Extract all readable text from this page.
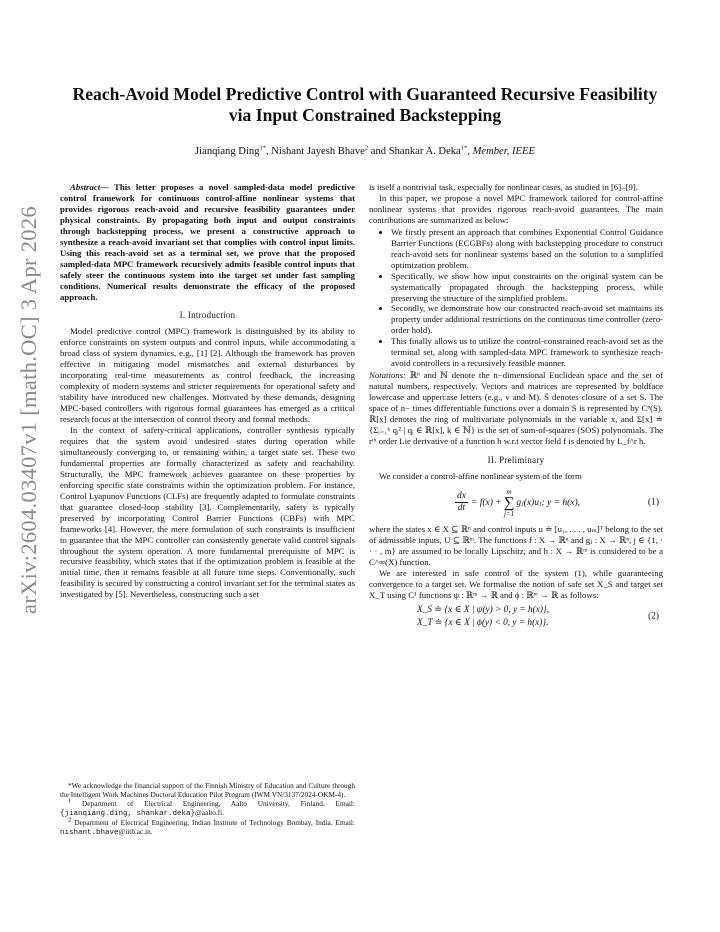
arXiv:2604.03407v1 [math.OC] 3 Apr 2026
Reach-Avoid Model Predictive Control with Guaranteed Recursive Feasibility via Input Constrained Backstepping
Jianqiang Ding$^{1*}$, Nishant Jayesh Bhave$^2$ and Shankar A. Deka$^{1*}$, Member, IEEE

Abstract— This letter proposes a novel sampled-data model predictive control framework for continuous control-affine nonlinear systems that provides rigorous reach-avoid and recursive feasibility guarantees under physical constraints. By propagating both input and output constraints through backstepping process, we present a constructive approach to synthesize a reach-avoid invariant set that complies with control input limits. Using this reach-avoid set as a terminal set, we prove that the proposed sampled-data MPC framework recursively admits feasible control inputs that safely steer the continuous system into the target set under fast sampling conditions. Numerical results demonstrate the efficacy of the proposed approach.

I. Introduction

Model predictive control (MPC) framework is distinguished by its ability to enforce constraints on system outputs and control inputs, while accommodating a broad class of system dynamics, e.g., [1] [2]. Although the framework has proven effective in mitigating model mismatches and external disturbances by incorporating real-time measurements as control feedback, the increasing complexity of modern systems and stricter requirements for operational safety and stability have introduced new challenges. Motivated by these demands, designing MPC-based controllers with rigorous formal guarantees has emerged as a critical research focus at the intersection of control theory and formal methods.

In the context of safety-critical applications, controller synthesis typically requires that the system avoid undesired states during operation while simultaneously converging to, or remaining within, a target state set. These two fundamental properties are formally characterized as safety and reachability. Structurally, the MPC framework achieves guarantee on these properties by enforcing specific state constraints within the optimization problem. For instance, Control Lyapunov Functions (CLFs) are frequently adapted to formulate constraints that guarantee closed-loop stability [3]. Complementarily, safety is typically preserved by incorporating Control Barrier Functions (CBFs) with MPC frameworks [4]. However, the mere formulation of such constraints is insufficient to guarantee that the MPC controller can consistently generate valid control signals throughout the system operation. A more fundamental prerequisite of MPC is recursive feasibility, which states that if the optimization problem is feasible at the initial time, then it remains feasible at all future time steps. Conventionally, such feasibility is secured by constructing a control invariant set for the terminal states as investigated by [5]. Nevertheless, constructing such a set

is itself a nontrivial task, especially for nonlinear cases, as studied in [6]–[9].

In this paper, we propose a novel MPC framework tailored for control-affine nonlinear systems that provides rigorous reach-avoid guarantees. The main contributions are summarized as below:

• We firstly present an approach that combines Exponential Control Guidance Barrier Functions (ECGBFs) along with backstepping procedure to construct reach-avoid sets for nonlinear systems based on the solution to a simplified optimization problem.
• Specifically, we show how input constraints on the original system can be systematically propagated through the backstepping process, while preserving the structure of the simplified problem.
• Secondly, we demonstrate how our constructed reach-avoid set maintains its property under additional restrictions on the continuous time controller (zero-order hold).
• This finally allows us to utilize the control-constrained reach-avoid set as the terminal set, along with sampled-data MPC framework to synthesize reach-avoid controllers in a recursively feasible manner.

Notations: ℝⁿ and ℕ denote the n−dimensional Euclidean space and the set of natural numbers, respectively. Vectors and matrices are represented by boldface lowercase and uppercase letters (e.g., v and M). S̄ denotes closure of a set S. The space of n− times differentiable functions over a domain S is represented by Cⁿ(S). ℝ[x] denotes the ring of multivariate polynomials in the variable x, and Σ[x] ≐ {Σᵢ₌₁ᵏ qᵢ² | qᵢ ∈ ℝ[x], k ∈ ℕ} is the set of sum-of-squares (SOS) polynomials. The rᵗʰ order Lie derivative of a function h w.r.t vector field f is denoted by L_f^r h.

II. Preliminary

We consider a control-affine nonlinear system of the form

$\frac{dx}{dt} = f(x) +m$
∑
j=1gⱼ(x)uⱼ; y = h(x),	(1)

where the states x ∈ X ⊆ ℝⁿ and control inputs u ≐ [u₁, . . . , uₘ]ᵀ belong to the set of admissible inputs, U ⊆ ℝᵐ. The functions f : X → ℝⁿ and gⱼ : X → ℝⁿ, j ∈ {1, · · · , m} are assumed to be locally Lipschitz, and h : X → ℝᵐ is considered to be a C^∞(X) function.

We are interested in safe control of the system (1), while guaranteeing convergence to a target set. We formalise the notion of safe set X_S and target set X_T using C¹ functions ψ : ℝᵐ → ℝ and ϕ : ℝᵐ → ℝ as follows:

X_S ≐ {x ∈ X | ψ(y) > 0, y = h(x)},
X_T ≐ {x ∈ X | ϕ(y) < 0, y = h(x)}.
(2)

*We acknowledge the financial support of the Finnish Ministry of Education and Culture through the Intelligent Work Machines Doctoral Education Pilot Program (IWM VN/3137/2024-OKM-4).

$^1$ Department of Electrical Engineering, Aalto University, Finland. Email: {jianqiang.ding, shankar.deka}@aalto.fi.

$^2$ Department of Electrical Engineering, Indian Institute of Technology Bombay, India. Email: nishant.bhave@iitb.ac.in.
